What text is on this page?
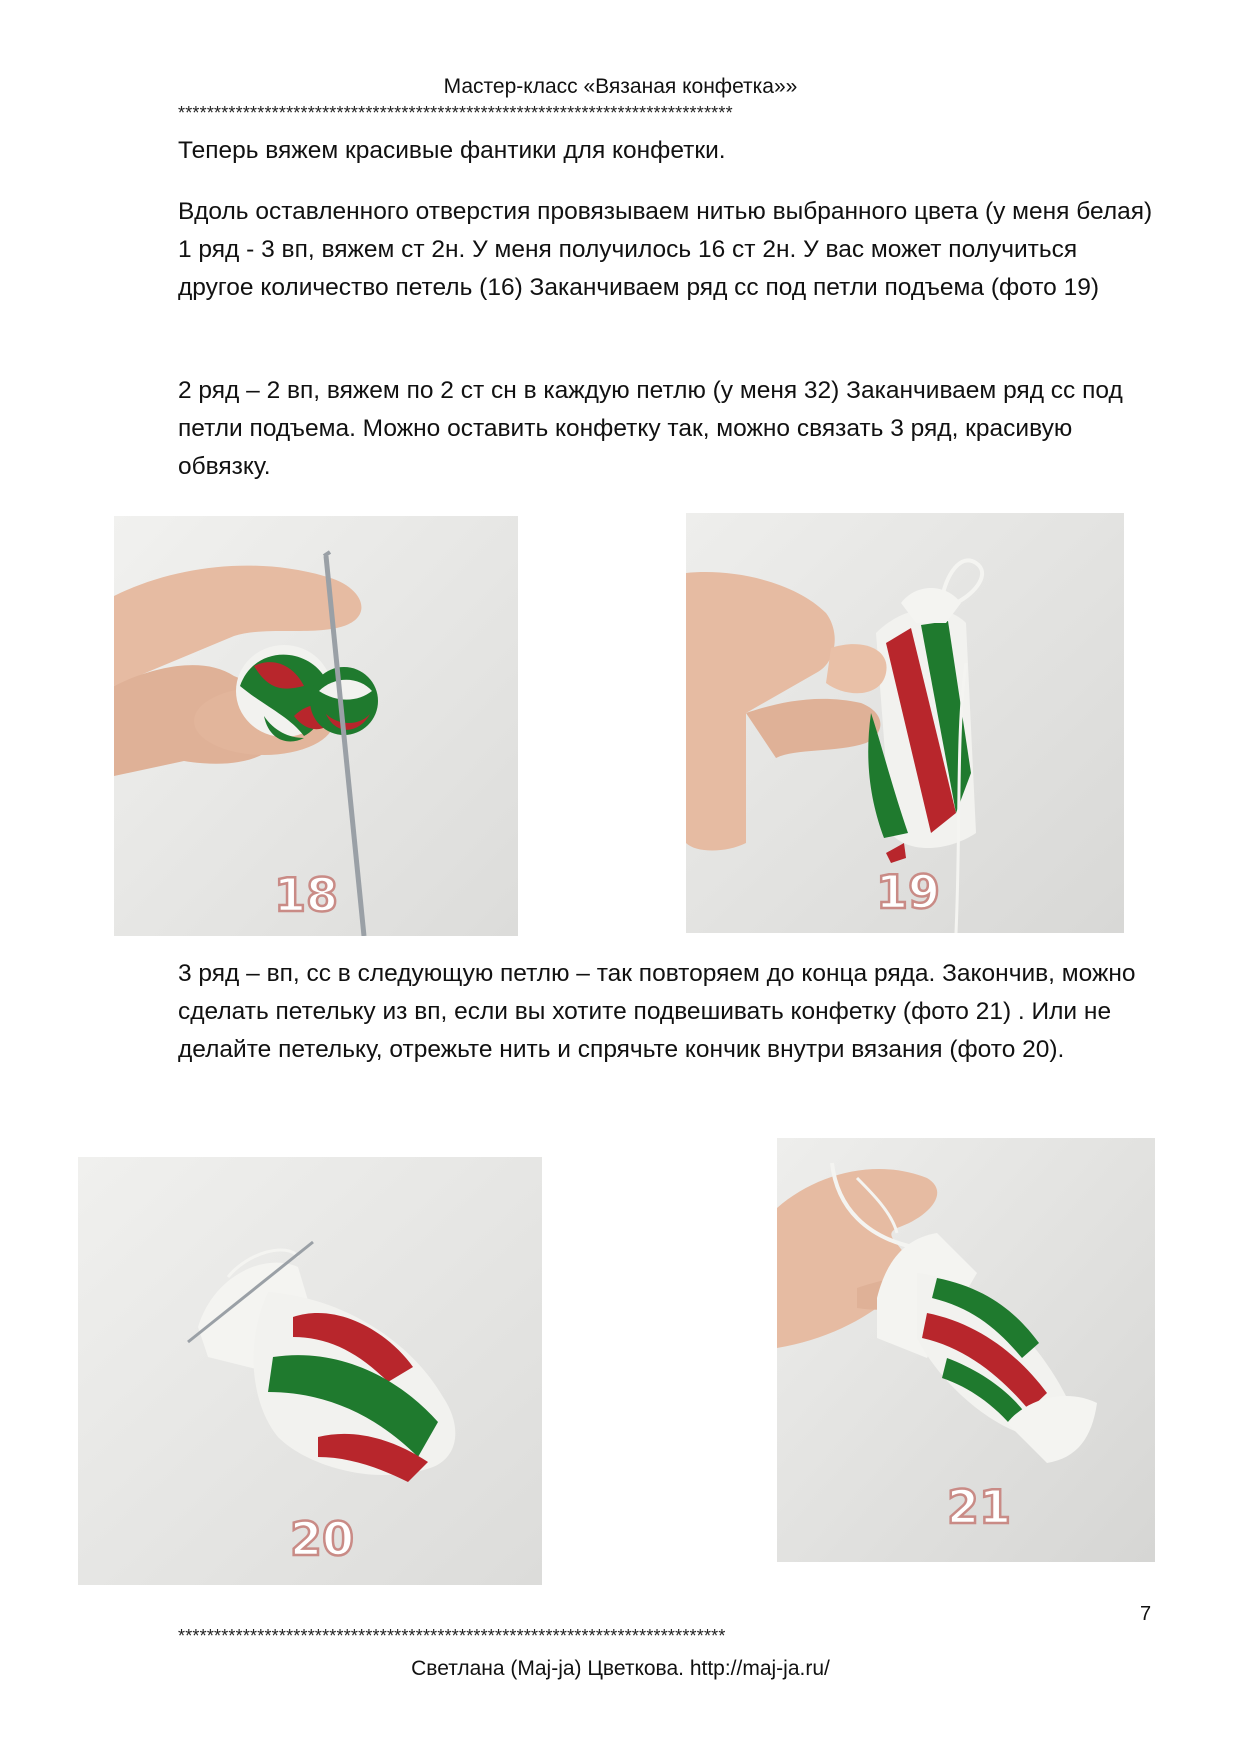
Мастер-класс «Вязаная конфетка»»
*****************************************************************************

Теперь вяжем красивые фантики для конфетки.

Вдоль оставленного отверстия провязываем нитью выбранного цвета (у меня белая) 1 ряд - 3 вп, вяжем ст 2н. У меня получилось 16 ст 2н. У вас может получиться другое количество петель (16) Заканчиваем ряд сс под петли подъема (фото 19)

2 ряд – 2 вп, вяжем по 2 ст сн в каждую петлю (у меня 32) Заканчиваем ряд сс под петли подъема. Можно оставить конфетку так, можно связать 3 ряд, красивую обвязку.

18	19

3 ряд – вп, сс в следующую петлю – так повторяем до конца ряда. Закончив, можно сделать петельку из вп, если вы хотите подвешивать конфетку (фото 21) . Или не делайте петельку, отрежьте нить и спрячьте кончик внутри вязания (фото 20).

20
21
7
****************************************************************************
Светлана (Maj-ja) Цветкова. http://maj-ja.ru/
